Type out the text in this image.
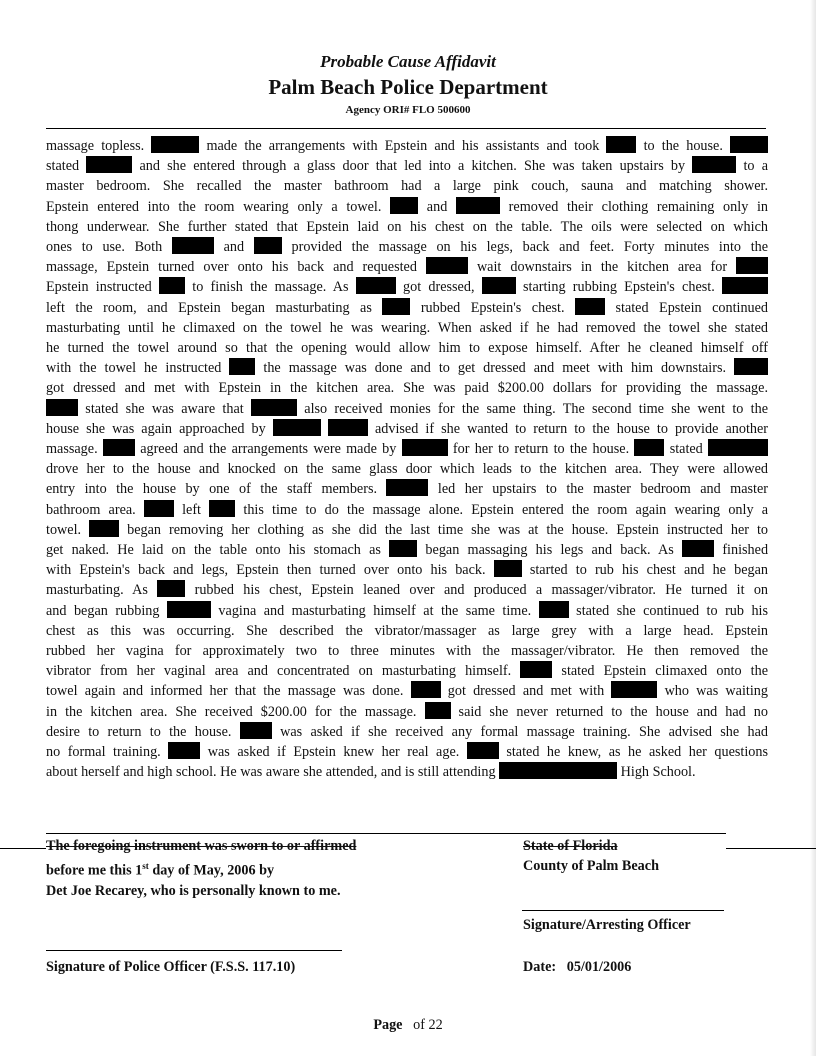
Probable Cause Affidavit
Palm Beach Police Department
Agency ORI# FLO 500600

massage topless.	made the arrangements with Epstein and his assistants and took	to the house.

stated	and she entered through a glass door that led into a kitchen. She was taken upstairs by	to a

master bedroom. She recalled the master bathroom had a large pink couch, sauna and matching shower.

Epstein entered into the room wearing only a towel.	and	removed their clothing remaining only in

thong underwear. She further stated that Epstein laid on his chest on the table. The oils were selected on which

ones to use. Both	and	provided the massage on his legs, back and feet. Forty minutes into the

massage, Epstein turned over onto his back and requested	wait downstairs in the kitchen area for

Epstein instructed	to finish the massage. As	got dressed,	starting rubbing Epstein's chest.

left the room, and Epstein began masturbating as	rubbed Epstein's chest.	stated Epstein continued

masturbating until he climaxed on the towel he was wearing. When asked if he had removed the towel she stated

he turned the towel around so that the opening would allow him to expose himself. After he cleaned himself off

with the towel he instructed	the massage was done and to get dressed and meet with him downstairs.

got dressed and met with Epstein in the kitchen area. She was paid $200.00 dollars for providing the massage.

stated she was aware that	also received monies for the same thing. The second time she went to the

house she was again approached by	advised if she wanted to return to the house to provide another

massage.	agreed and the arrangements were made by	for her to return to the house.	stated

drove her to the house and knocked on the same glass door which leads to the kitchen area. They were allowed

entry into the house by one of the staff members.	led her upstairs to the master bedroom and master

bathroom area.	left	this time to do the massage alone. Epstein entered the room again wearing only a

towel.	began removing her clothing as she did the last time she was at the house. Epstein instructed her to

get naked. He laid on the table onto his stomach as	began massaging his legs and back. As	finished

with Epstein's back and legs, Epstein then turned over onto his back.	started to rub his chest and he began

masturbating. As	rubbed his chest, Epstein leaned over and produced a massager/vibrator. He turned it on

and began rubbing	vagina and masturbating himself at the same time.	stated she continued to rub his

chest as this was occurring. She described the vibrator/massager as large grey with a large head. Epstein

rubbed her vagina for approximately two to three minutes with the massager/vibrator. He then removed the

vibrator from her vaginal area and concentrated on masturbating himself.	stated Epstein climaxed onto the

towel again and informed her that the massage was done.	got dressed and met with	who was waiting

in the kitchen area. She received $200.00 for the massage.	said she never returned to the house and had no

desire to return to the house.	was asked if she received any formal massage training. She advised she had

no formal training.	was asked if Epstein knew her real age.	stated he knew, as he asked her questions

about herself and high school. He was aware she attended, and is still attending	High School.

The foregoing instrument was sworn to or affirmed
before me this 1st day of May, 2006 by
Det Joe Recarey, who is personally known to me.
State of Florida
County of Palm Beach
Signature/Arresting Officer
Signature of Police Officer (F.S.S. 117.10)	Date: 05/01/2006
Page of 22
